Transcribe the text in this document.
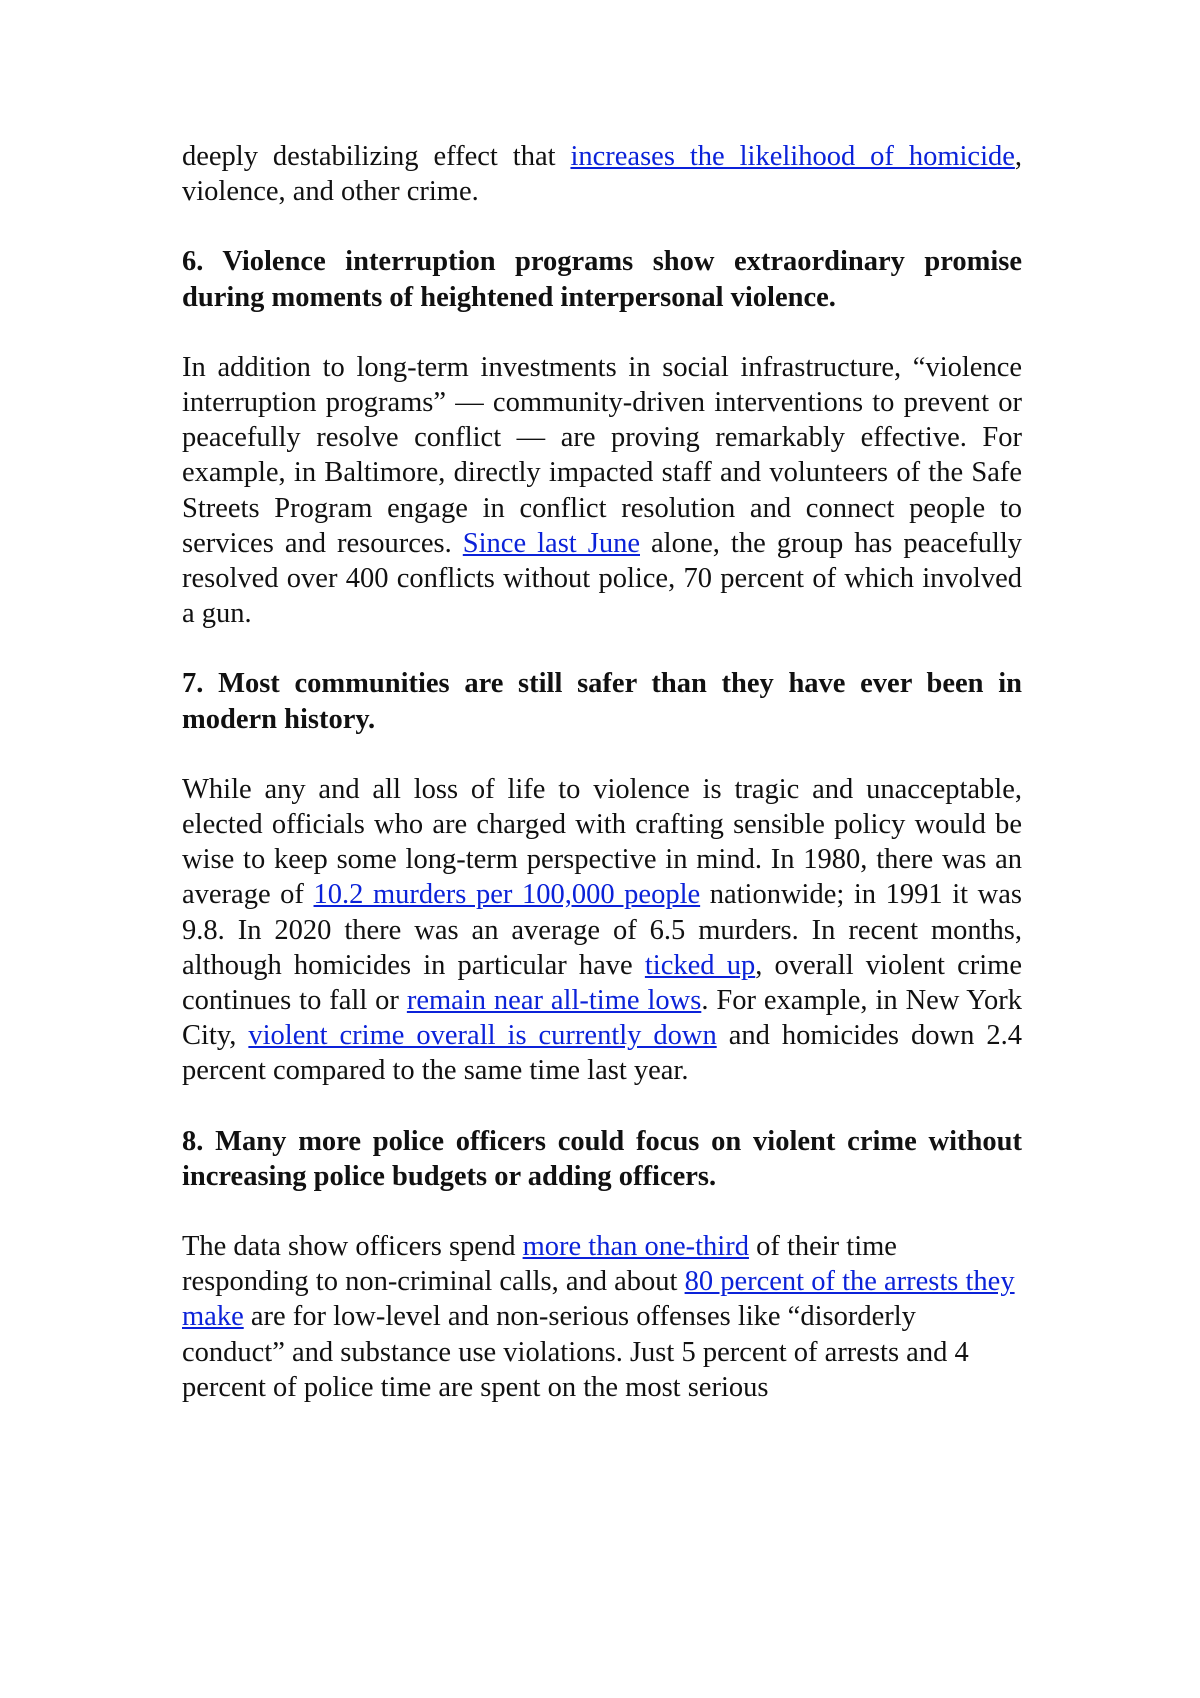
deeply destabilizing effect that increases the likelihood of homicide, violence, and other crime.

6. Violence interruption programs show extraordinary promise during moments of heightened interpersonal violence.

In addition to long-term investments in social infrastructure, “violence interruption programs” — community-driven interventions to prevent or peacefully resolve conflict — are proving remarkably effective. For example, in Baltimore, directly impacted staff and volunteers of the Safe Streets Program engage in conflict resolution and connect people to services and resources. Since last June alone, the group has peacefully resolved over 400 conflicts without police, 70 percent of which involved a gun.

7. Most communities are still safer than they have ever been in modern history.

While any and all loss of life to violence is tragic and unacceptable, elected officials who are charged with crafting sensible policy would be wise to keep some long-term perspective in mind. In 1980, there was an average of 10.2 murders per 100,000 people nationwide; in 1991 it was 9.8. In 2020 there was an average of 6.5 murders. In recent months, although homicides in particular have ticked up, overall violent crime continues to fall or remain near all-time lows. For example, in New York City, violent crime overall is currently down and homicides down 2.4 percent compared to the same time last year.

8. Many more police officers could focus on violent crime without increasing police budgets or adding officers.

The data show officers spend more than one-third of their time responding to non-criminal calls, and about 80 percent of the arrests they make are for low-level and non-serious offenses like “disorderly conduct” and substance use violations. Just 5 percent of arrests and 4 percent of police time are spent on the most serious
